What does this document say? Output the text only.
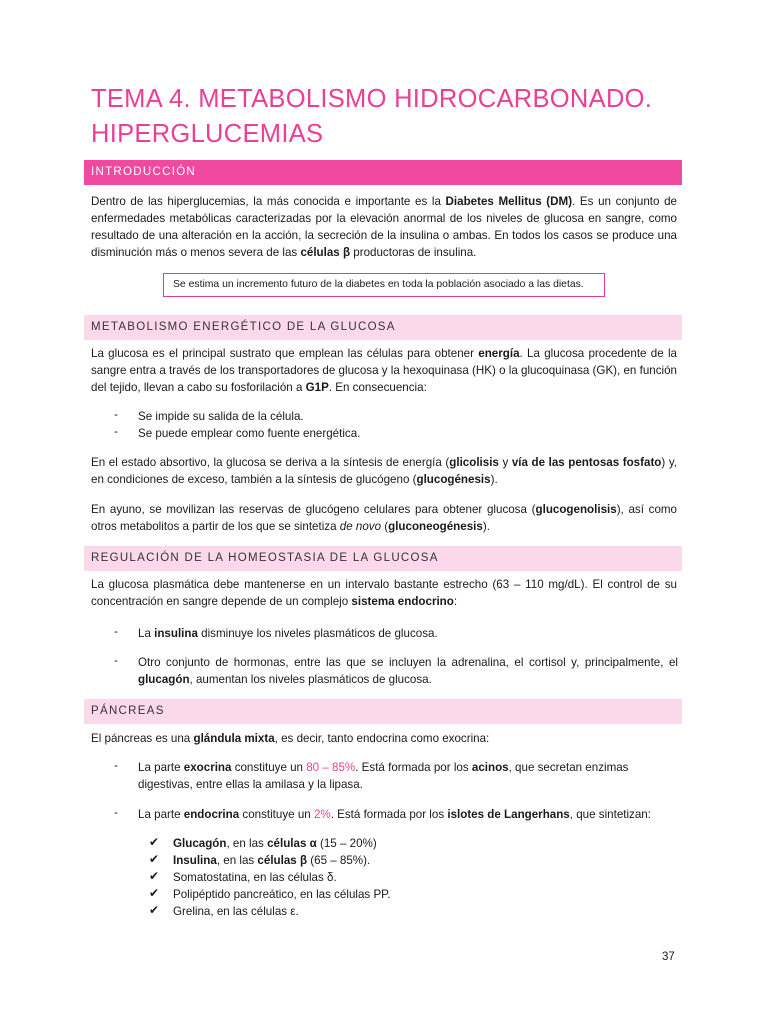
TEMA 4. METABOLISMO HIDROCARBONADO.
HIPERGLUCEMIAS
INTRODUCCIÓN

Dentro de las hiperglucemias, la más conocida e importante es la Diabetes Mellitus (DM). Es un conjunto de enfermedades metabólicas caracterizadas por la elevación anormal de los niveles de glucosa en sangre, como resultado de una alteración en la acción, la secreción de la insulina o ambas. En todos los casos se produce una disminución más o menos severa de las células β productoras de insulina.

Se estima un incremento futuro de la diabetes en toda la población asociado a las dietas.
METABOLISMO ENERGÉTICO DE LA GLUCOSA

La glucosa es el principal sustrato que emplean las células para obtener energía. La glucosa procedente de la sangre entra a través de los transportadores de glucosa y la hexoquinasa (HK) o la glucoquinasa (GK), en función del tejido, llevan a cabo su fosforilación a G1P. En consecuencia:

- Se impide su salida de la célula.
- Se puede emplear como fuente energética.

En el estado absortivo, la glucosa se deriva a la síntesis de energía (glicolisis y vía de las pentosas fosfato) y, en condiciones de exceso, también a la síntesis de glucógeno (glucogénesis).

En ayuno, se movilizan las reservas de glucógeno celulares para obtener glucosa (glucogenolisis), así como otros metabolitos a partir de los que se sintetiza de novo (gluconeogénesis).

REGULACIÓN DE LA HOMEOSTASIA DE LA GLUCOSA

La glucosa plasmática debe mantenerse en un intervalo bastante estrecho (63 – 110 mg/dL). El control de su concentración en sangre depende de un complejo sistema endocrino:

- La insulina disminuye los niveles plasmáticos de glucosa.
- Otro conjunto de hormonas, entre las que se incluyen la adrenalina, el cortisol y, principalmente, el glucagón, aumentan los niveles plasmáticos de glucosa.
PÁNCREAS

El páncreas es una glándula mixta, es decir, tanto endocrina como exocrina:

- La parte exocrina constituye un 80 – 85%. Está formada por los acinos, que secretan enzimas digestivas, entre ellas la amilasa y la lipasa.
- La parte endocrina constituye un 2%. Está formada por los islotes de Langerhans, que sintetizan:
✔ Glucagón, en las células α (15 – 20%)
✔ Insulina, en las células β (65 – 85%).
✔ Somatostatina, en las células δ.
✔ Polipéptido pancreático, en las células PP.
✔ Grelina, en las células ε.
37
